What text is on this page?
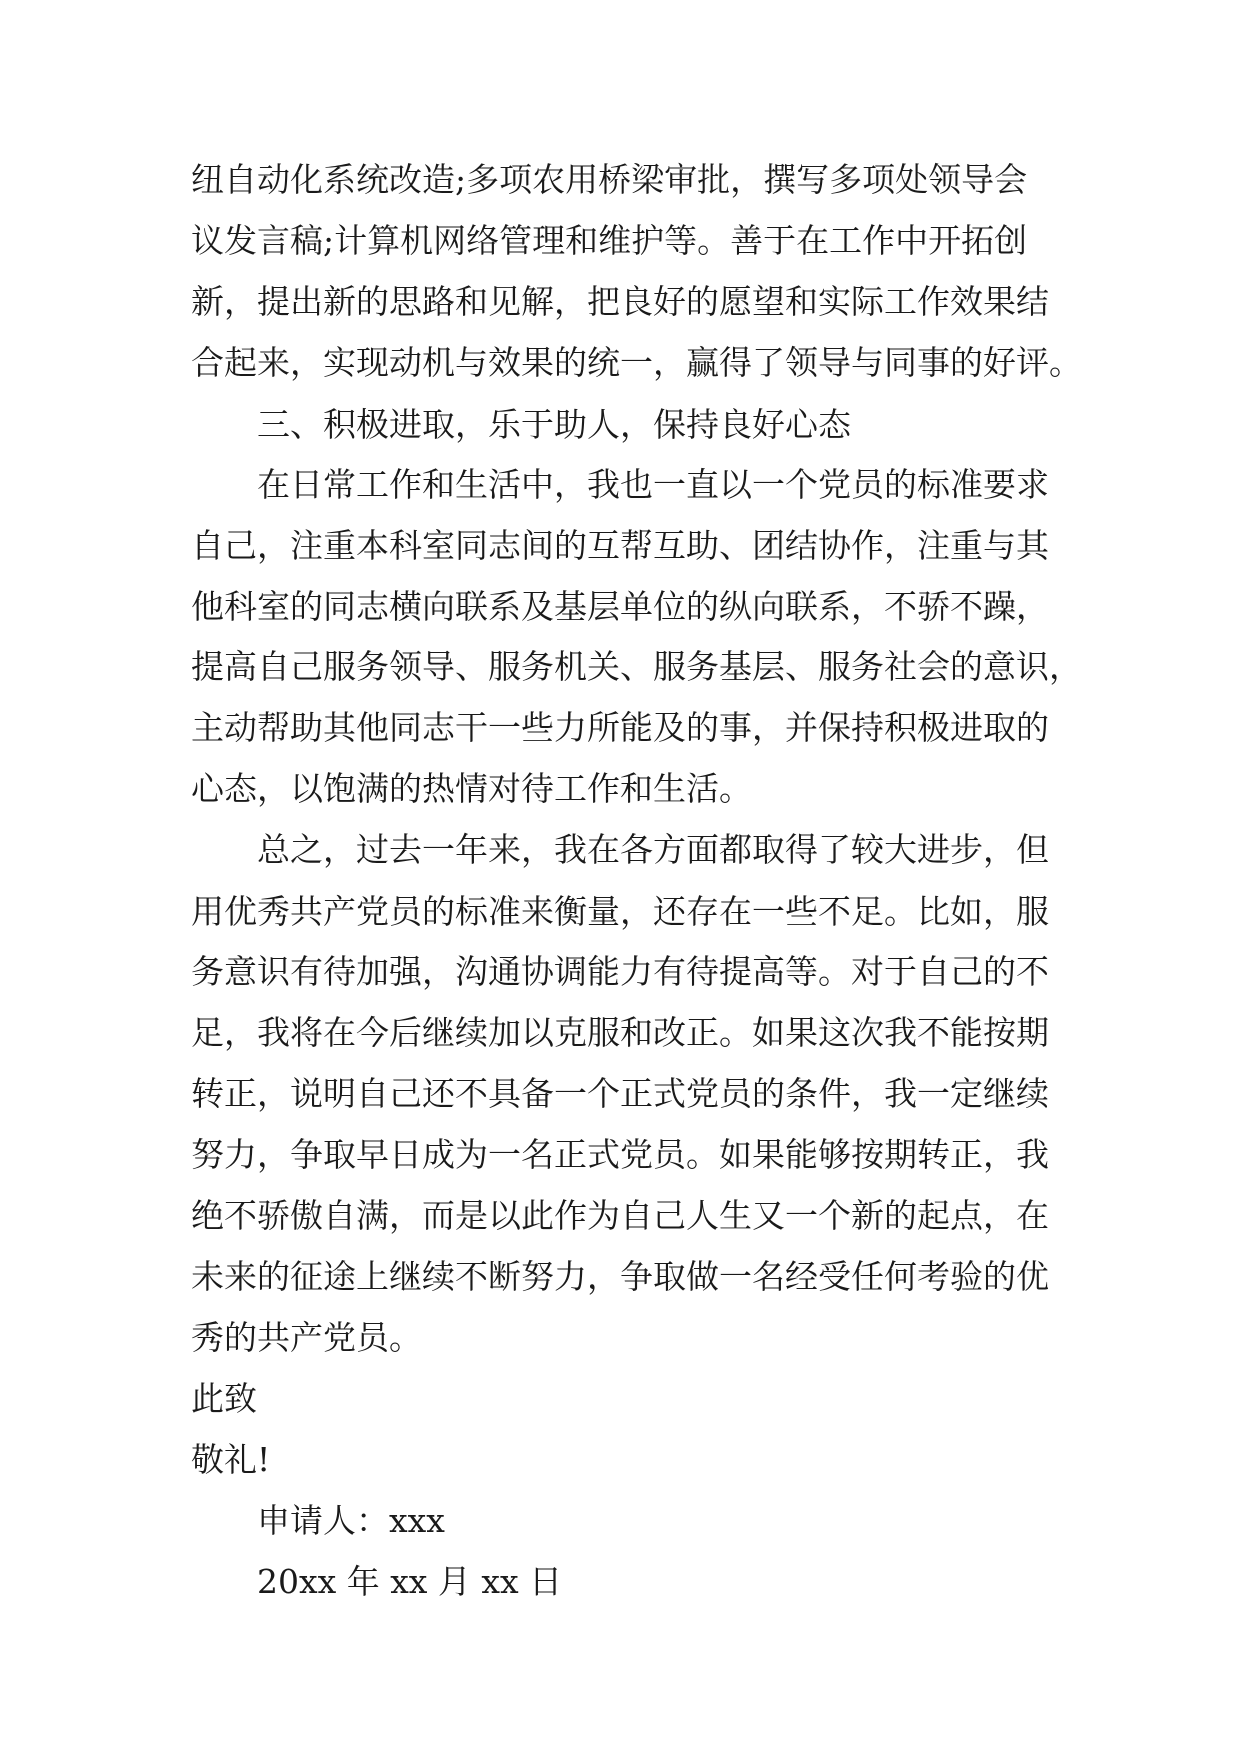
纽自动化系统改造;多项农用桥梁审批，撰写多项处领导会
议发言稿;计算机网络管理和维护等。善于在工作中开拓创
新，提出新的思路和见解，把良好的愿望和实际工作效果结
合起来，实现动机与效果的统一，赢得了领导与同事的好评。
三、积极进取，乐于助人，保持良好心态
在日常工作和生活中，我也一直以一个党员的标准要求
自己，注重本科室同志间的互帮互助、团结协作，注重与其
他科室的同志横向联系及基层单位的纵向联系，不骄不躁，
提高自己服务领导、服务机关、服务基层、服务社会的意识，
主动帮助其他同志干一些力所能及的事，并保持积极进取的
心态，以饱满的热情对待工作和生活。
总之，过去一年来，我在各方面都取得了较大进步，但
用优秀共产党员的标准来衡量，还存在一些不足。比如，服
务意识有待加强，沟通协调能力有待提高等。对于自己的不
足，我将在今后继续加以克服和改正。如果这次我不能按期
转正，说明自己还不具备一个正式党员的条件，我一定继续
努力，争取早日成为一名正式党员。如果能够按期转正，我
绝不骄傲自满，而是以此作为自己人生又一个新的起点，在
未来的征途上继续不断努力，争取做一名经受任何考验的优
秀的共产党员。
此致
敬礼!
申请人：xxx
20xx 年 xx 月 xx 日
